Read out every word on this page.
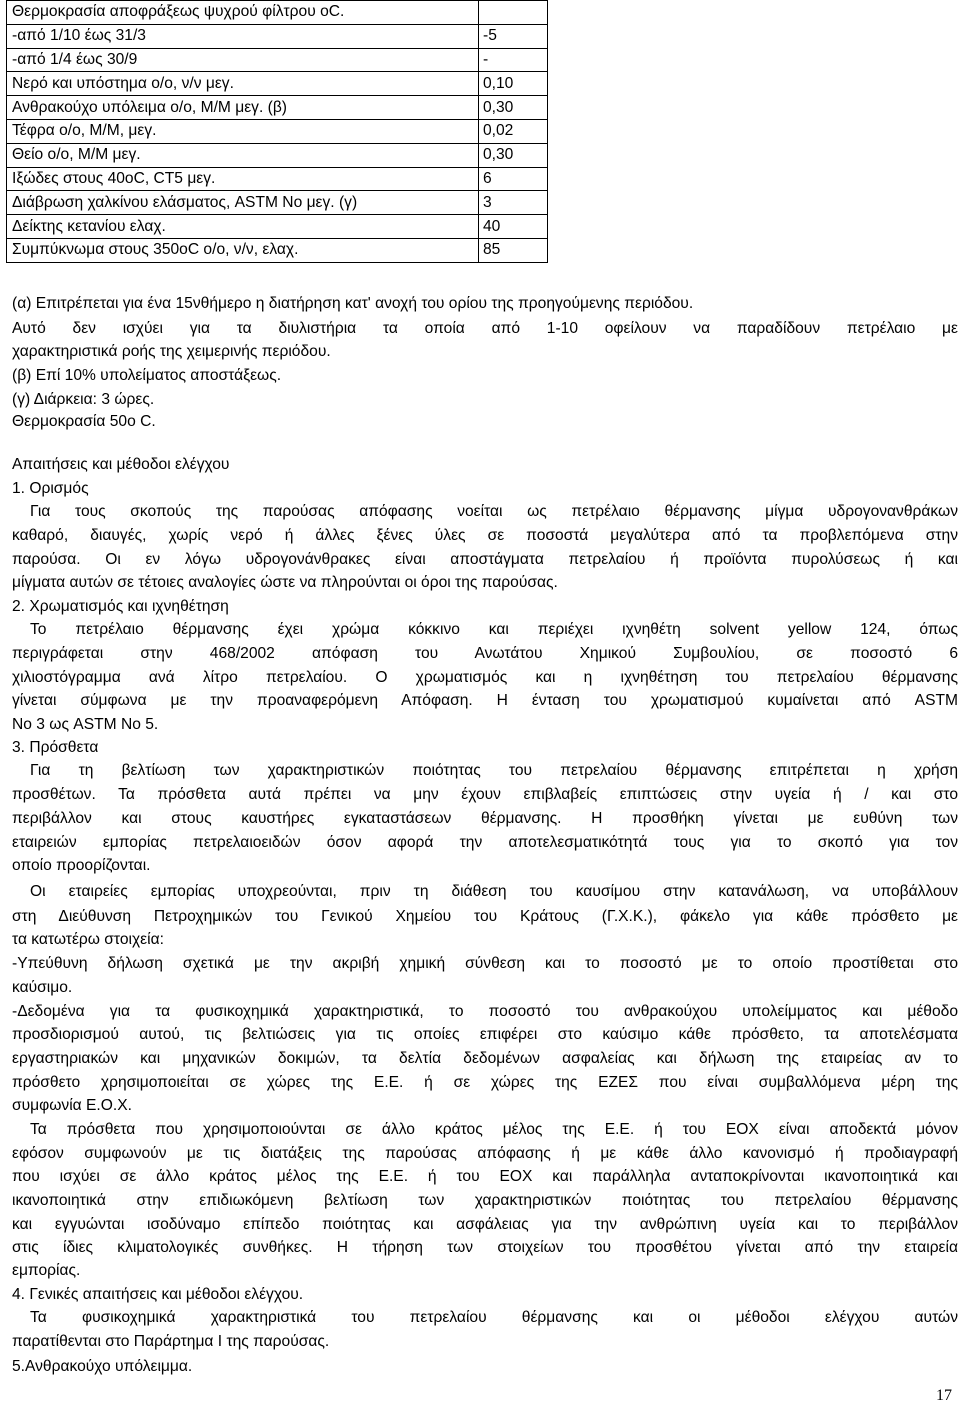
Θερμοκρασία αποφράξεως ψυχρού φίλτρου oC.	
-από 1/10 έως 31/3	-5
-από 1/4 έως 30/9	-
Νερό και υπόστημα ο/ο, ν/ν μεγ.	0,10
Ανθρακούχο υπόλειμα ο/ο, Μ/Μ μεγ. (β)	0,30
Τέφρα ο/ο, Μ/Μ, μεγ.	0,02
Θείο ο/ο, Μ/Μ μεγ.	0,30
Ιξώδες στους 40oC, CT5 μεγ.	6
Διάβρωση χαλκίνου ελάσματος, ASTM Νο μεγ. (γ)	3
Δείκτης κετανίου ελαχ.	40
Συμπύκνωμα στους 350oC ο/ο, ν/ν, ελαχ.	85
(α) Επιτρέπεται για ένα 15νθήμερο η διατήρηση κατ' ανοχή του ορίου της προηγούμενης περιόδου.
Αυτό δεν ισχύει για τα διυλιστήρια τα οποία από 1-10 οφείλουν να παραδίδουν πετρέλαιο με
χαρακτηριστικά ροής της χειμερινής περιόδου.
(β) Επί 10% υπολείματος αποστάξεως.
(γ) Διάρκεια: 3 ώρες.
Θερμοκρασία 50ο C.
Απαιτήσεις και μέθοδοι ελέγχου
1. Ορισμός
Για τους σκοπούς της παρούσας απόφασης νοείται ως πετρέλαιο θέρμανσης μίγμα υδρογονανθράκων
καθαρό, διαυγές, χωρίς νερό ή άλλες ξένες ύλες σε ποσοστά μεγαλύτερα από τα προβλεπόμενα στην
παρούσα. Οι εν λόγω υδρογονάνθρακες είναι αποστάγματα πετρελαίου ή προϊόντα πυρολύσεως ή και
μίγματα αυτών σε τέτοιες αναλογίες ώστε να πληρούνται οι όροι της παρούσας.
2. Χρωματισμός και ιχνηθέτηση
Το πετρέλαιο θέρμανσης έχει χρώμα κόκκινο και περιέχει ιχνηθέτη solvent yellow 124, όπως
περιγράφεται στην 468/2002 απόφαση του Ανωτάτου Χημικού Συμβουλίου, σε ποσοστό 6
χιλιοστόγραμμα ανά λίτρο πετρελαίου. Ο χρωματισμός και η ιχνηθέτηση του πετρελαίου θέρμανσης
γίνεται σύμφωνα με την προαναφερόμενη Απόφαση. Η ένταση του χρωματισμού κυμαίνεται από ASTM
Νο 3 ως ASTM Νο 5.
3. Πρόσθετα
Για τη βελτίωση των χαρακτηριστικών ποιότητας του πετρελαίου θέρμανσης επιτρέπεται η χρήση
προσθέτων. Τα πρόσθετα αυτά πρέπει να μην έχουν επιβλαβείς επιπτώσεις στην υγεία ή / και στο
περιβάλλον και στους καυστήρες εγκαταστάσεων θέρμανσης. Η προσθήκη γίνεται με ευθύνη των
εταιρειών εμπορίας πετρελαιοειδών όσον αφορά την αποτελεσματικότητά τους για το σκοπό για τον
οποίο προορίζονται.
Οι εταιρείες εμπορίας υποχρεούνται, πριν τη διάθεση του καυσίμου στην κατανάλωση, να υποβάλλουν
στη Διεύθυνση Πετροχημικών του Γενικού Χημείου του Κράτους (Γ.Χ.Κ.), φάκελο για κάθε πρόσθετο με
τα κατωτέρω στοιχεία:
-Υπεύθυνη δήλωση σχετικά με την ακριβή χημική σύνθεση και το ποσοστό με το οποίο προστίθεται στο
καύσιμο.
-Δεδομένα για τα φυσικοχημικά χαρακτηριστικά, το ποσοστό του ανθρακούχου υπολείμματος και μέθοδο
προσδιορισμού αυτού, τις βελτιώσεις για τις οποίες επιφέρει στο καύσιμο κάθε πρόσθετο, τα αποτελέσματα
εργαστηριακών και μηχανικών δοκιμών, τα δελτία δεδομένων ασφαλείας και δήλωση της εταιρείας αν το
πρόσθετο χρησιμοποιείται σε χώρες της Ε.Ε. ή σε χώρες της ΕΖΕΣ που είναι συμβαλλόμενα μέρη της
συμφωνία Ε.Ο.Χ.
Τα πρόσθετα που χρησιμοποιούνται σε άλλο κράτος μέλος της Ε.Ε. ή του ΕΟΧ είναι αποδεκτά μόνον
εφόσον συμφωνούν με τις διατάξεις της παρούσας απόφασης ή με κάθε άλλο κανονισμό ή προδιαγραφή
που ισχύει σε άλλο κράτος μέλος της Ε.Ε. ή του ΕΟΧ και παράλληλα ανταποκρίνονται ικανοποιητικά και
ικανοποιητικά στην επιδιωκόμενη βελτίωση των χαρακτηριστικών ποιότητας του πετρελαίου θέρμανσης
και εγγυώνται ισοδύναμο επίπεδο ποιότητας και ασφάλειας για την ανθρώπινη υγεία και το περιβάλλον
στις ίδιες κλιματολογικές συνθήκες. Η τήρηση των στοιχείων του προσθέτου γίνεται από την εταιρεία
εμπορίας.
4. Γενικές απαιτήσεις και μέθοδοι ελέγχου.
Τα φυσικοχημικά χαρακτηριστικά του πετρελαίου θέρμανσης και οι μέθοδοι ελέγχου αυτών
παρατίθενται στο Παράρτημα Ι της παρούσας.
5.Ανθρακούχο υπόλειμμα.
17
